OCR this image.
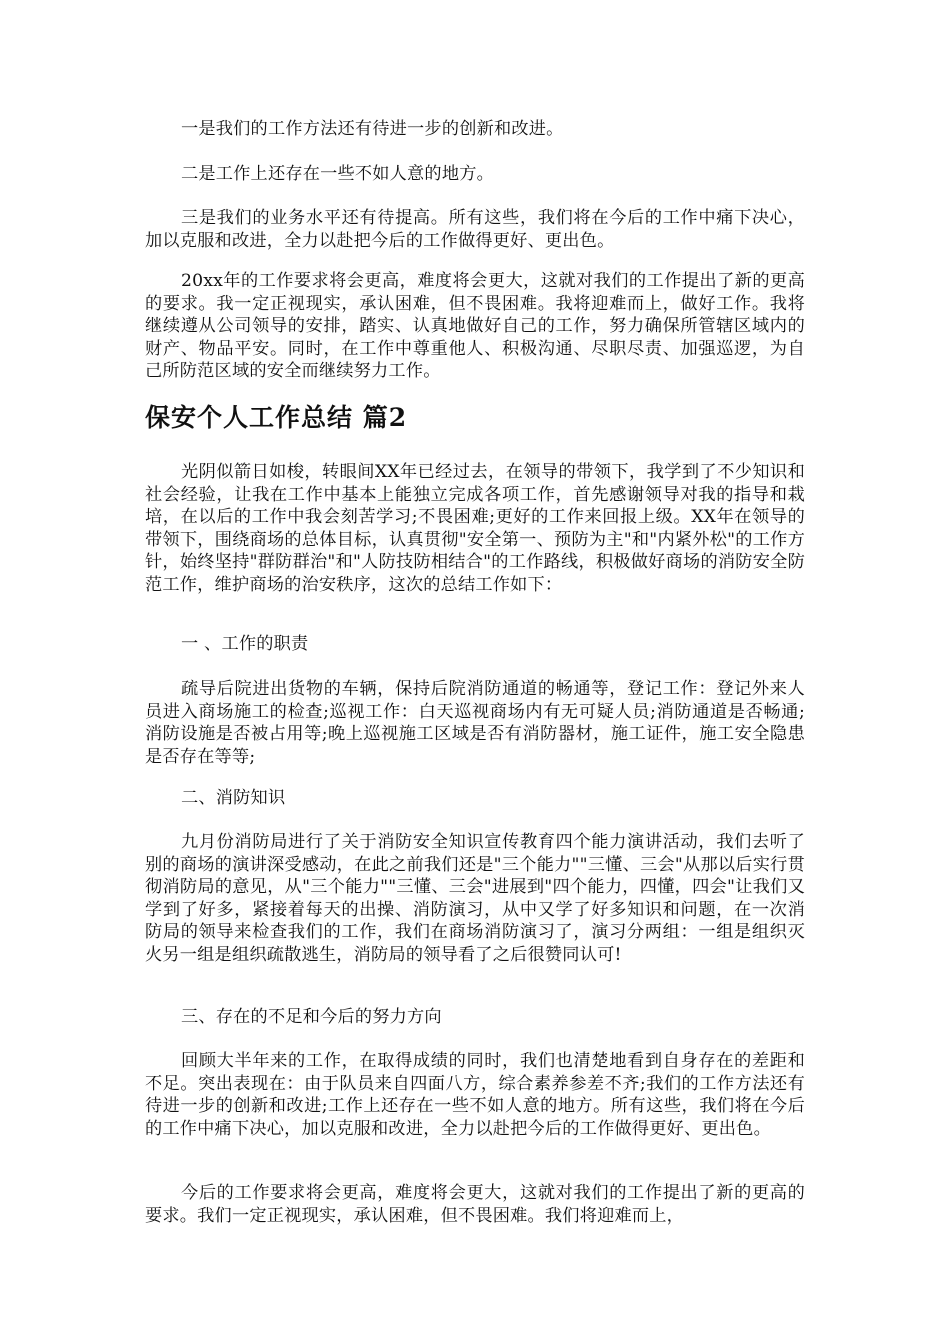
一是我们的工作方法还有待进一步的创新和改进。

二是工作上还存在一些不如人意的地方。

三是我们的业务水平还有待提高。所有这些，我们将在今后的工作中痛下决心，加以克服和改进，全力以赴把今后的工作做得更好、更出色。

20xx年的工作要求将会更高，难度将会更大，这就对我们的工作提出了新的更高的要求。我一定正视现实，承认困难，但不畏困难。我将迎难而上，做好工作。我将继续遵从公司领导的安排，踏实、认真地做好自己的工作，努力确保所管辖区域内的财产、物品平安。同时，在工作中尊重他人、积极沟通、尽职尽责、加强巡逻，为自己所防范区域的安全而继续努力工作。

保安个人工作总结 篇2

光阴似箭日如梭，转眼间XX年已经过去，在领导的带领下，我学到了不少知识和社会经验，让我在工作中基本上能独立完成各项工作，首先感谢领导对我的指导和栽培，在以后的工作中我会刻苦学习;不畏困难;更好的工作来回报上级。XX年在领导的带领下，围绕商场的总体目标，认真贯彻"安全第一、预防为主"和"内紧外松"的工作方针，始终坚持"群防群治"和"人防技防相结合"的工作路线，积极做好商场的消防安全防范工作，维护商场的治安秩序，这次的总结工作如下：

一 、工作的职责

疏导后院进出货物的车辆，保持后院消防通道的畅通等，登记工作：登记外来人员进入商场施工的检查;巡视工作：白天巡视商场内有无可疑人员;消防通道是否畅通;消防设施是否被占用等;晚上巡视施工区域是否有消防器材，施工证件，施工安全隐患是否存在等等;

二、消防知识

九月份消防局进行了关于消防安全知识宣传教育四个能力演讲活动，我们去听了别的商场的演讲深受感动，在此之前我们还是"三个能力""三懂、三会"从那以后实行贯彻消防局的意见，从"三个能力""三懂、三会"进展到"四个能力，四懂，四会"让我们又学到了好多，紧接着每天的出操、消防演习，从中又学了好多知识和问题，在一次消防局的领导来检查我们的工作，我们在商场消防演习了，演习分两组：一组是组织灭火另一组是组织疏散逃生，消防局的领导看了之后很赞同认可!

三、存在的不足和今后的努力方向

回顾大半年来的工作，在取得成绩的同时，我们也清楚地看到自身存在的差距和不足。突出表现在：由于队员来自四面八方，综合素养参差不齐;我们的工作方法还有待进一步的创新和改进;工作上还存在一些不如人意的地方。所有这些，我们将在今后的工作中痛下决心，加以克服和改进，全力以赴把今后的工作做得更好、更出色。

今后的工作要求将会更高，难度将会更大，这就对我们的工作提出了新的更高的要求。我们一定正视现实，承认困难，但不畏困难。我们将迎难而上，
